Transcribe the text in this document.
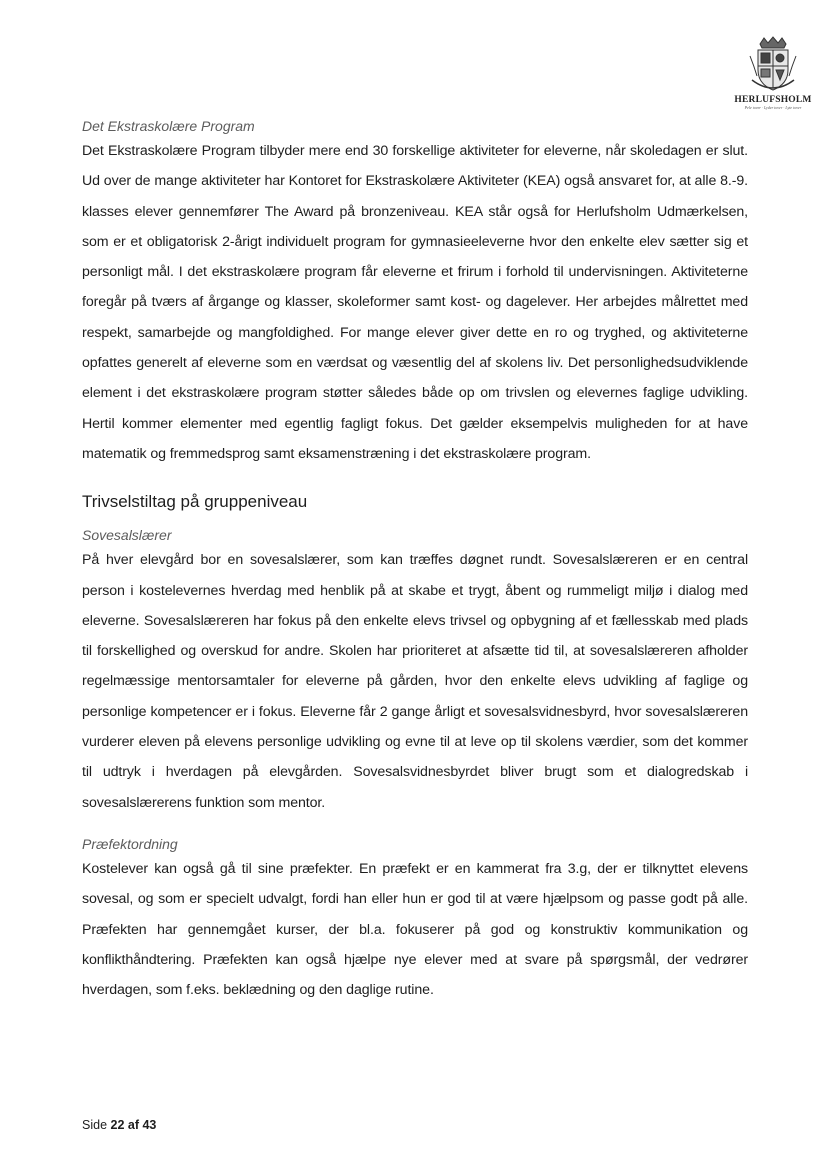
HERLUFSHOLM
Pele tover · Lyder tover · Lyte tover
Det Ekstraskolære Program

Det Ekstraskolære Program tilbyder mere end 30 forskellige aktiviteter for eleverne, når skoledagen er slut. Ud over de mange aktiviteter har Kontoret for Ekstraskolære Aktiviteter (KEA) også ansvaret for, at alle 8.-9. klasses elever gennemfører The Award på bronzeniveau. KEA står også for Herlufsholm Udmærkelsen, som er et obligatorisk 2-årigt individuelt program for gymnasieeleverne hvor den enkelte elev sætter sig et personligt mål. I det ekstraskolære program får eleverne et frirum i forhold til undervisningen. Aktiviteterne foregår på tværs af årgange og klasser, skoleformer samt kost- og dagelever. Her arbejdes målrettet med respekt, samarbejde og mangfoldighed. For mange elever giver dette en ro og tryghed, og aktiviteterne opfattes generelt af eleverne som en værdsat og væsentlig del af skolens liv. Det personlighedsudviklende element i det ekstraskolære program støtter således både op om trivslen og elevernes faglige udvikling. Hertil kommer elementer med egentlig fagligt fokus. Det gælder eksempelvis muligheden for at have matematik og fremmedsprog samt eksamenstræning i det ekstraskolære program.

Trivselstiltag på gruppeniveau
Sovesalslærer

På hver elevgård bor en sovesalslærer, som kan træffes døgnet rundt. Sovesalslæreren er en central person i kostelevernes hverdag med henblik på at skabe et trygt, åbent og rummeligt miljø i dialog med eleverne. Sovesalslæreren har fokus på den enkelte elevs trivsel og opbygning af et fællesskab med plads til forskellighed og overskud for andre. Skolen har prioriteret at afsætte tid til, at sovesalslæreren afholder regelmæssige mentorsamtaler for eleverne på gården, hvor den enkelte elevs udvikling af faglige og personlige kompetencer er i fokus. Eleverne får 2 gange årligt et sovesalsvidnesbyrd, hvor sovesalslæreren vurderer eleven på elevens personlige udvikling og evne til at leve op til skolens værdier, som det kommer til udtryk i hverdagen på elevgården. Sovesalsvidnesbyrdet bliver brugt som et dialogredskab i sovesalslærerens funktion som mentor.

Præfektordning

Kostelever kan også gå til sine præfekter. En præfekt er en kammerat fra 3.g, der er tilknyttet elevens sovesal, og som er specielt udvalgt, fordi han eller hun er god til at være hjælpsom og passe godt på alle. Præfekten har gennemgået kurser, der bl.a. fokuserer på god og konstruktiv kommunikation og konflikthåndtering. Præfekten kan også hjælpe nye elever med at svare på spørgsmål, der vedrører hverdagen, som f.eks. beklædning og den daglige rutine.

Side 22 af 43
